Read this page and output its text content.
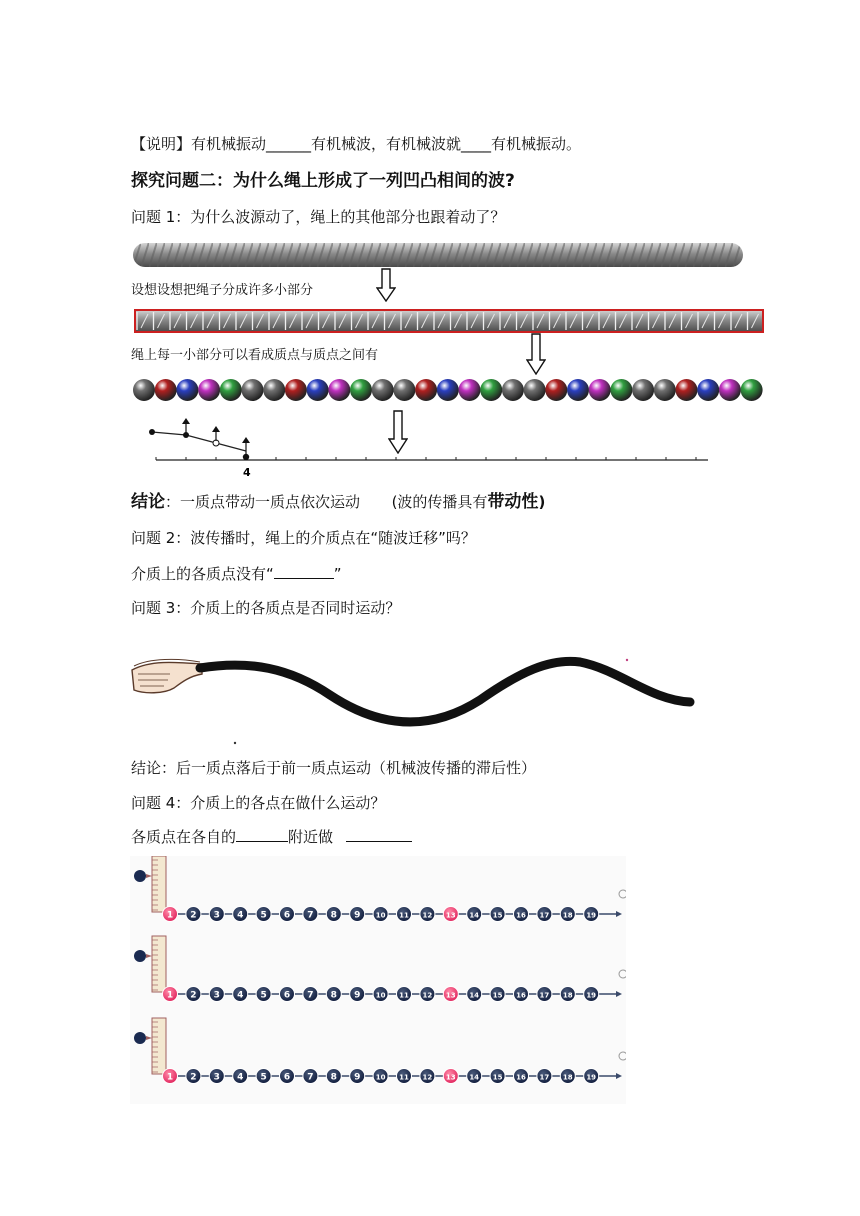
【说明】有机械振动______有机械波，有机械波就____有机械振动。
探究问题二：为什么绳上形成了一列凹凸相间的波?
问题 1：为什么波源动了，绳上的其他部分也跟着动了？
设想设想把绳子分成许多小部分
绳上每一小部分可以看成质点与质点之间有
4
结论：一质点带动一质点依次运动 (波的传播具有带动性)
问题 2：波传播时，绳上的介质点在“随波迁移”吗？
介质上的各质点没有“	”
问题 3：介质上的各质点是否同时运动？
结论：后一质点落后于前一质点运动（机械波传播的滞后性）
问题 4：介质上的各点在做什么运动？
各质点在各自的	附近做
1 2 3 4 5 6 7 8 9 10 11 12 13 14 15 16 17 18 19
1 2 3 4 5 6 7 8 9 10 11 12 13 14 15 16 17 18 19
1 2 3 4 5 6 7 8 9 10 11 12 13 14 15 16 17 18 19
